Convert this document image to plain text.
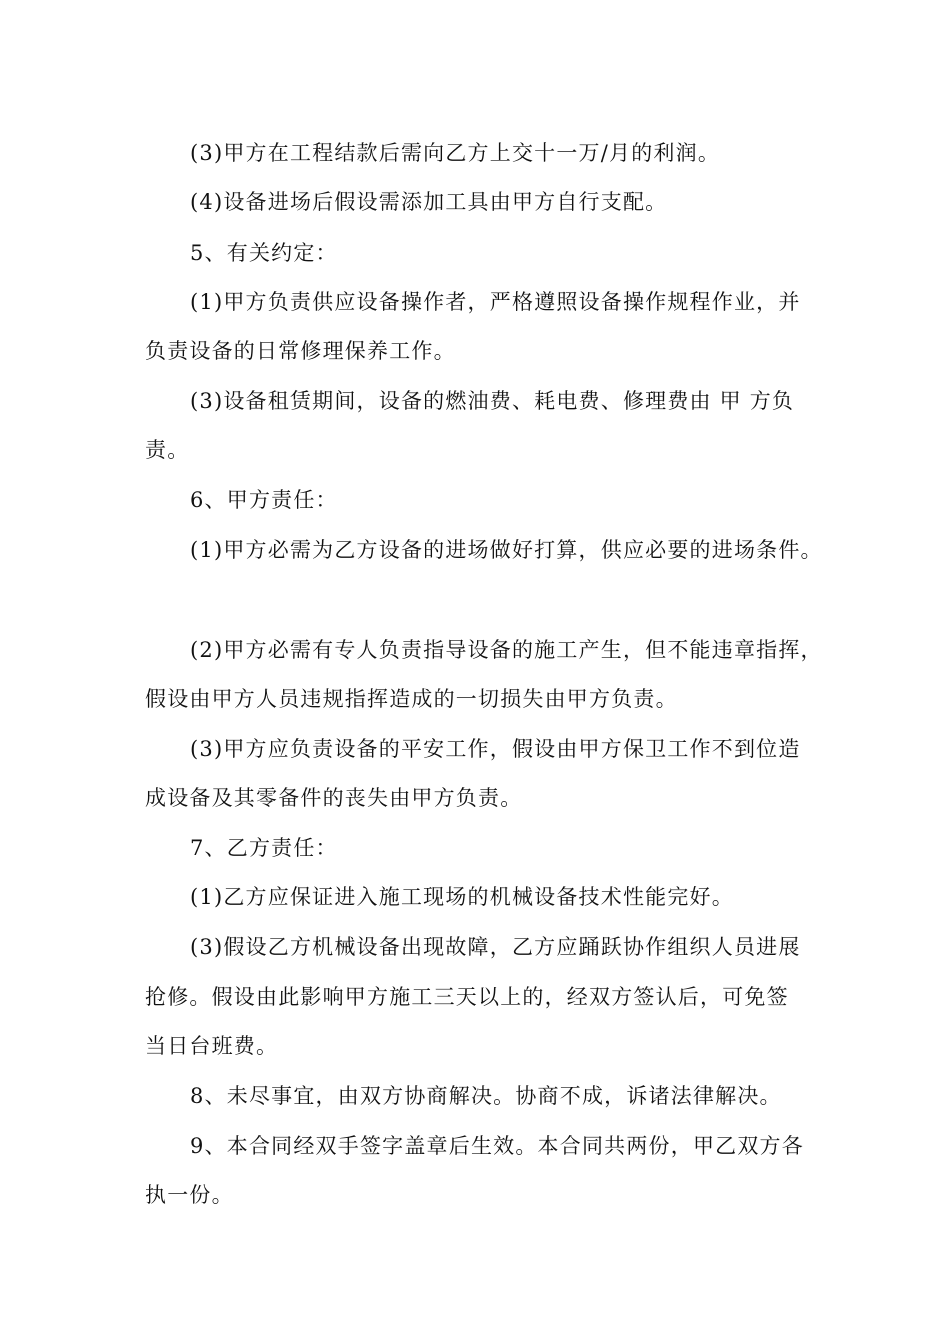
(3)甲方在工程结款后需向乙方上交十一万/月的利润。
(4)设备进场后假设需添加工具由甲方自行支配。
5、有关约定：
(1)甲方负责供应设备操作者，严格遵照设备操作规程作业，并
负责设备的日常修理保养工作。
(3)设备租赁期间，设备的燃油费、耗电费、修理费由 甲 方负
责。
6、甲方责任：
(1)甲方必需为乙方设备的进场做好打算，供应必要的进场条件。
(2)甲方必需有专人负责指导设备的施工产生，但不能违章指挥，
假设由甲方人员违规指挥造成的一切损失由甲方负责。
(3)甲方应负责设备的平安工作，假设由甲方保卫工作不到位造
成设备及其零备件的丧失由甲方负责。
7、乙方责任：
(1)乙方应保证进入施工现场的机械设备技术性能完好。
(3)假设乙方机械设备出现故障，乙方应踊跃协作组织人员进展
抢修。假设由此影响甲方施工三天以上的，经双方签认后，可免签
当日台班费。
8、未尽事宜，由双方协商解决。协商不成，诉诸法律解决。
9、本合同经双手签字盖章后生效。本合同共两份，甲乙双方各
执一份。
